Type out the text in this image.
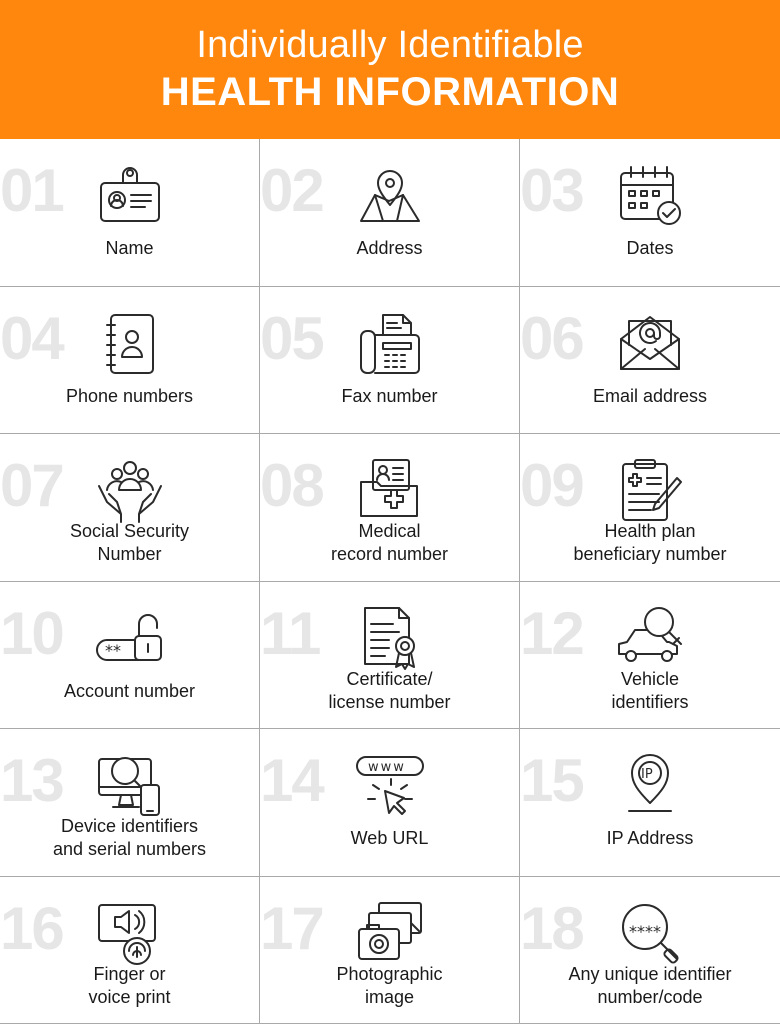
Individually Identifiable
HEALTH INFORMATION
01
Name
02
Address
03
Dates
04
Phone numbers
05
Fax number
06
Email address
07
Social Security
Number
08
Medical
record number
09
Health plan
beneficiary number
10	**
Account number
11
Certificate/
license number
12
Vehicle
identifiers
13
Device identifiers
and serial numbers
14	www
Web URL
15	IP
IP Address
16
Finger or
voice print
17
Photographic
image
18	****
Any unique identifier
number/code
